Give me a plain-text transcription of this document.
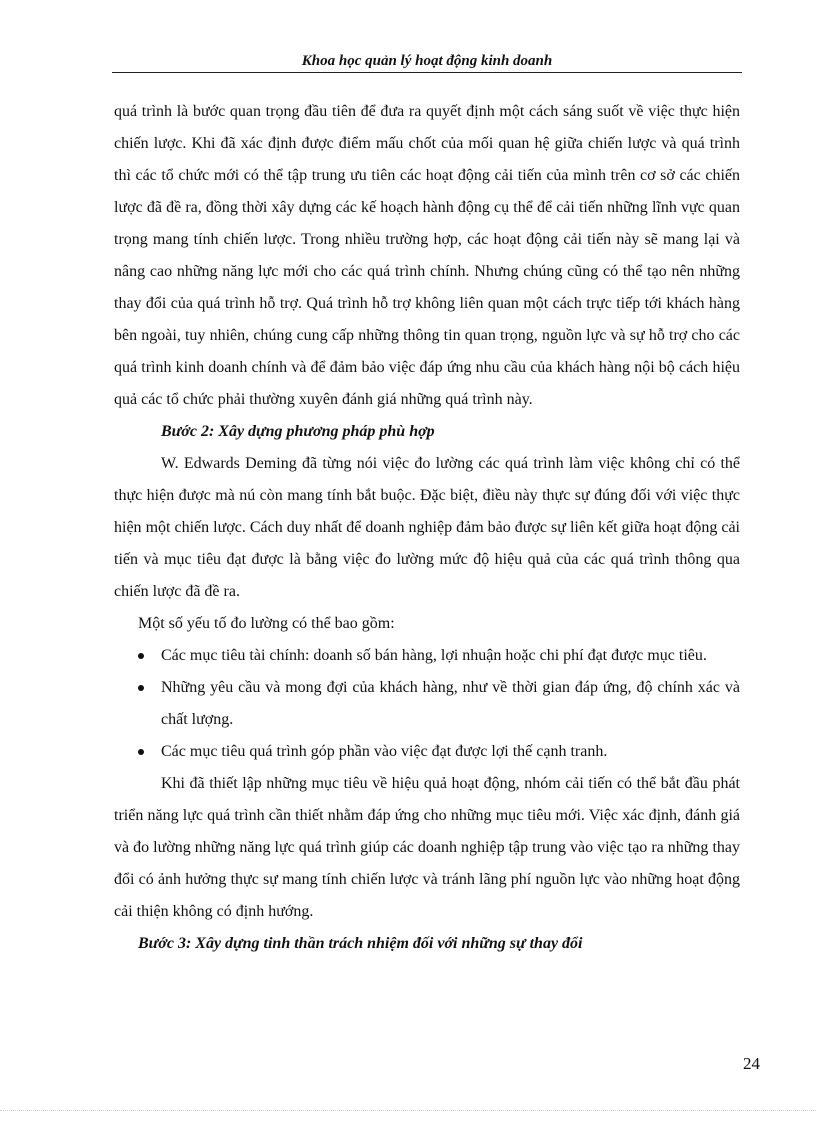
Khoa học quản lý hoạt động kinh doanh

quá trình là bước quan trọng đầu tiên để đưa ra quyết định một cách sáng suốt về việc thực hiện chiến lược. Khi đã xác định được điểm mấu chốt của mối quan hệ giữa chiến lược và quá trình thì các tổ chức mới có thể tập trung ưu tiên các hoạt động cải tiến của mình trên cơ sở các chiến lược đã đề ra, đồng thời xây dựng các kế hoạch hành động cụ thể để cải tiến những lĩnh vực quan trọng mang tính chiến lược. Trong nhiều trường hợp, các hoạt động cải tiến này sẽ mang lại và nâng cao những năng lực mới cho các quá trình chính. Nhưng chúng cũng có thể tạo nên những thay đổi của quá trình hỗ trợ. Quá trình hỗ trợ không liên quan một cách trực tiếp tới khách hàng bên ngoài, tuy nhiên, chúng cung cấp những thông tin quan trọng, nguồn lực và sự hỗ trợ cho các quá trình kinh doanh chính và để đảm bảo việc đáp ứng nhu cầu của khách hàng nội bộ cách hiệu quả các tổ chức phải thường xuyên đánh giá những quá trình này.

Bước 2: Xây dựng phương pháp phù hợp

W. Edwards Deming đã từng nói việc đo lường các quá trình làm việc không chỉ có thể thực hiện được mà nú còn mang tính bắt buộc. Đặc biệt, điều này thực sự đúng đối với việc thực hiện một chiến lược. Cách duy nhất để doanh nghiệp đảm bảo được sự liên kết giữa hoạt động cải tiến và mục tiêu đạt được là bằng việc đo lường mức độ hiệu quả của các quá trình thông qua chiến lược đã đề ra.

Một số yếu tố đo lường có thể bao gồm:

Các mục tiêu tài chính: doanh số bán hàng, lợi nhuận hoặc chi phí đạt được mục tiêu.
Những yêu cầu và mong đợi của khách hàng, như về thời gian đáp ứng, độ chính xác và chất lượng.
Các mục tiêu quá trình góp phần vào việc đạt được lợi thế cạnh tranh.

Khi đã thiết lập những mục tiêu về hiệu quả hoạt động, nhóm cải tiến có thể bắt đầu phát triển năng lực quá trình cần thiết nhằm đáp ứng cho những mục tiêu mới. Việc xác định, đánh giá và đo lường những năng lực quá trình giúp các doanh nghiệp tập trung vào việc tạo ra những thay đổi có ảnh hưởng thực sự mang tính chiến lược và tránh lãng phí nguồn lực vào những hoạt động cải thiện không có định hướng.

Bước 3: Xây dựng tinh thần trách nhiệm đối với những sự thay đổi

24
